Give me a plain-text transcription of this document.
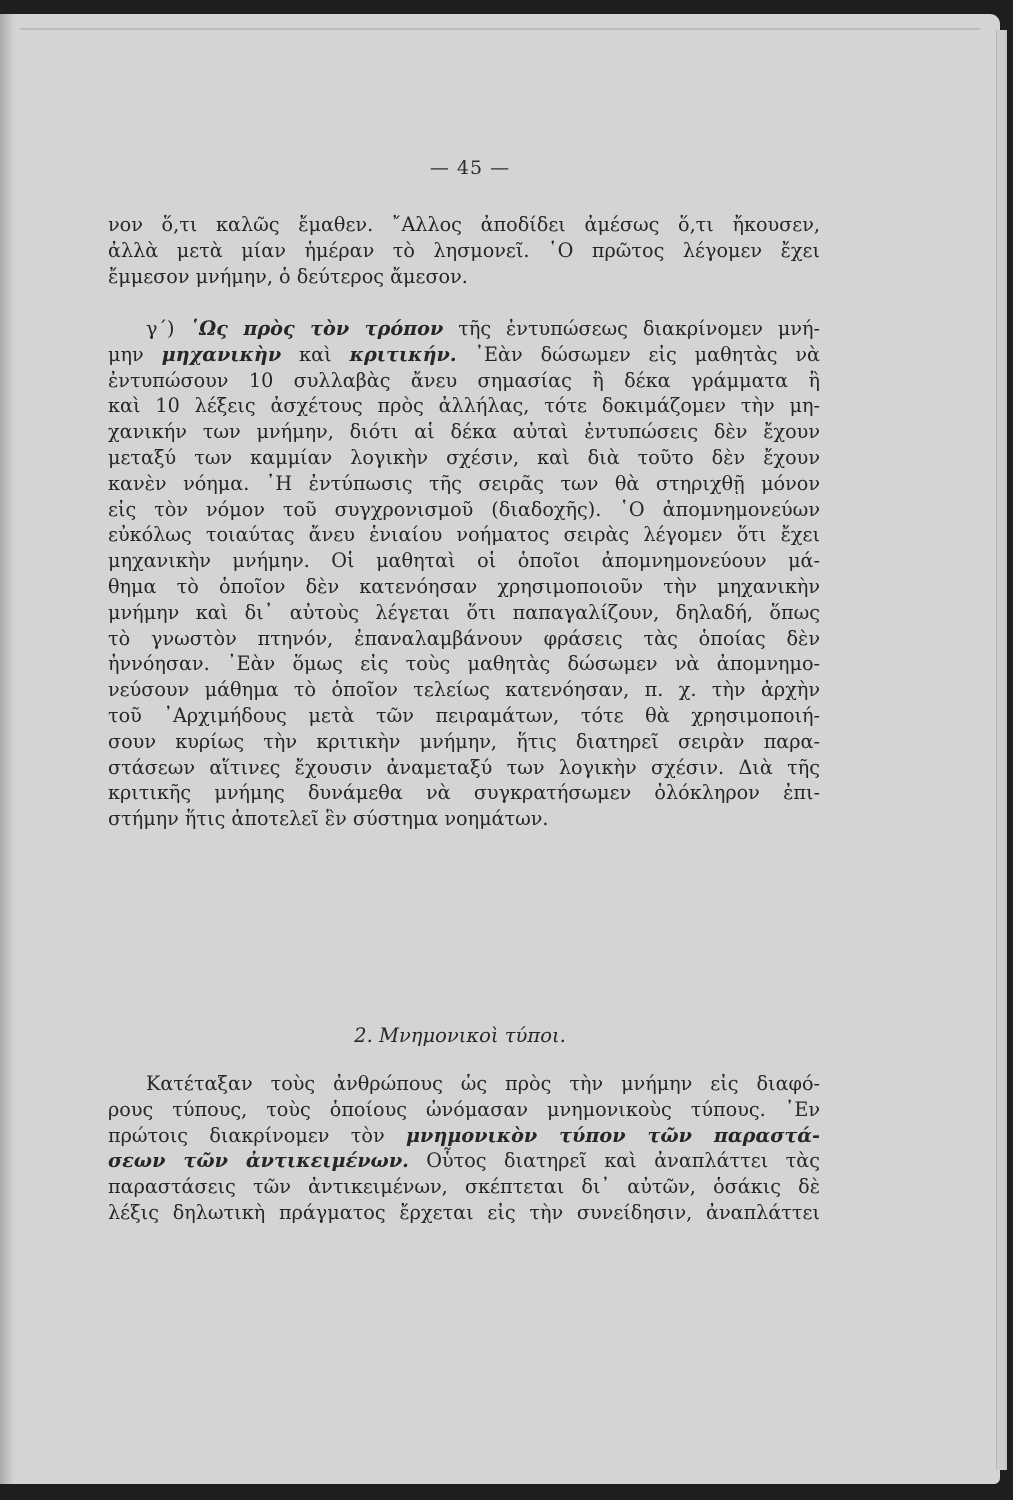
— 45 —
νον ὅ,τι καλῶς ἔμαθεν. ῎Αλλος ἀποδίδει ἀμέσως ὅ,τι ἤκουσεν,
ἀλλὰ μετὰ μίαν ἡμέραν τὸ λησμονεῖ. ῾Ο πρῶτος λέγομεν ἔχει
ἔμμεσον μνήμην, ὁ δεύτερος ἄμεσον.
γ΄) ῾Ως πρὸς τὸν τρόπον τῆς ἐντυπώσεως διακρίνομεν μνή-
μην μηχανικὴν καὶ κριτικήν. ᾿Εὰν δώσωμεν εἰς μαθητὰς νὰ
ἐντυπώσουν 10 συλλαβὰς ἄνευ σημασίας ἢ δέκα γράμματα ἢ
καὶ 10 λέξεις ἀσχέτους πρὸς ἀλλήλας, τότε δοκιμάζομεν τὴν μη-
χανικήν των μνήμην, διότι αἱ δέκα αὐταὶ ἐντυπώσεις δὲν ἔχουν
μεταξύ των καμμίαν λογικὴν σχέσιν, καὶ διὰ τοῦτο δὲν ἔχουν
κανὲν νόημα. ῾Η ἐντύπωσις τῆς σειρᾶς των θὰ στηριχθῇ μόνον
εἰς τὸν νόμον τοῦ συγχρονισμοῦ (διαδοχῆς). ῾Ο ἀπομνημονεύων
εὐκόλως τοιαύτας ἄνευ ἑνιαίου νοήματος σειρὰς λέγομεν ὅτι ἔχει
μηχανικὴν μνήμην. Οἱ μαθηταὶ οἱ ὁποῖοι ἀπομνημονεύουν μά-
θημα τὸ ὁποῖον δὲν κατενόησαν χρησιμοποιοῦν τὴν μηχανικὴν
μνήμην καὶ δι᾿ αὐτοὺς λέγεται ὅτι παπαγαλίζουν, δηλαδή, ὅπως
τὸ γνωστὸν πτηνόν, ἐπαναλαμβάνουν φράσεις τὰς ὁποίας δὲν
ἠννόησαν. ᾿Εὰν ὅμως εἰς τοὺς μαθητὰς δώσωμεν νὰ ἀπομνημο-
νεύσουν μάθημα τὸ ὁποῖον τελείως κατενόησαν, π. χ. τὴν ἀρχὴν
τοῦ ᾿Αρχιμήδους μετὰ τῶν πειραμάτων, τότε θὰ χρησιμοποιή-
σουν κυρίως τὴν κριτικὴν μνήμην, ἥτις διατηρεῖ σειρὰν παρα-
στάσεων αἵτινες ἔχουσιν ἀναμεταξύ των λογικὴν σχέσιν. Διὰ τῆς
κριτικῆς μνήμης δυνάμεθα νὰ συγκρατήσωμεν ὁλόκληρον ἐπι-
στήμην ἥτις ἀποτελεῖ ἓν σύστημα νοημάτων.
2. Μνημονικοὶ τύποι.
Κατέταξαν τοὺς ἀνθρώπους ὡς πρὸς τὴν μνήμην εἰς διαφό-
ρους τύπους, τοὺς ὁποίους ὠνόμασαν μνημονικοὺς τύπους. ᾿Εν
πρώτοις διακρίνομεν τὸν μνημονικὸν τύπον τῶν παραστά-
σεων τῶν ἀντικειμένων. Οὗτος διατηρεῖ καὶ ἀναπλάττει τὰς
παραστάσεις τῶν ἀντικειμένων, σκέπτεται δι᾿ αὐτῶν, ὁσάκις δὲ
λέξις δηλωτικὴ πράγματος ἔρχεται εἰς τὴν συνείδησιν, ἀναπλάττει
